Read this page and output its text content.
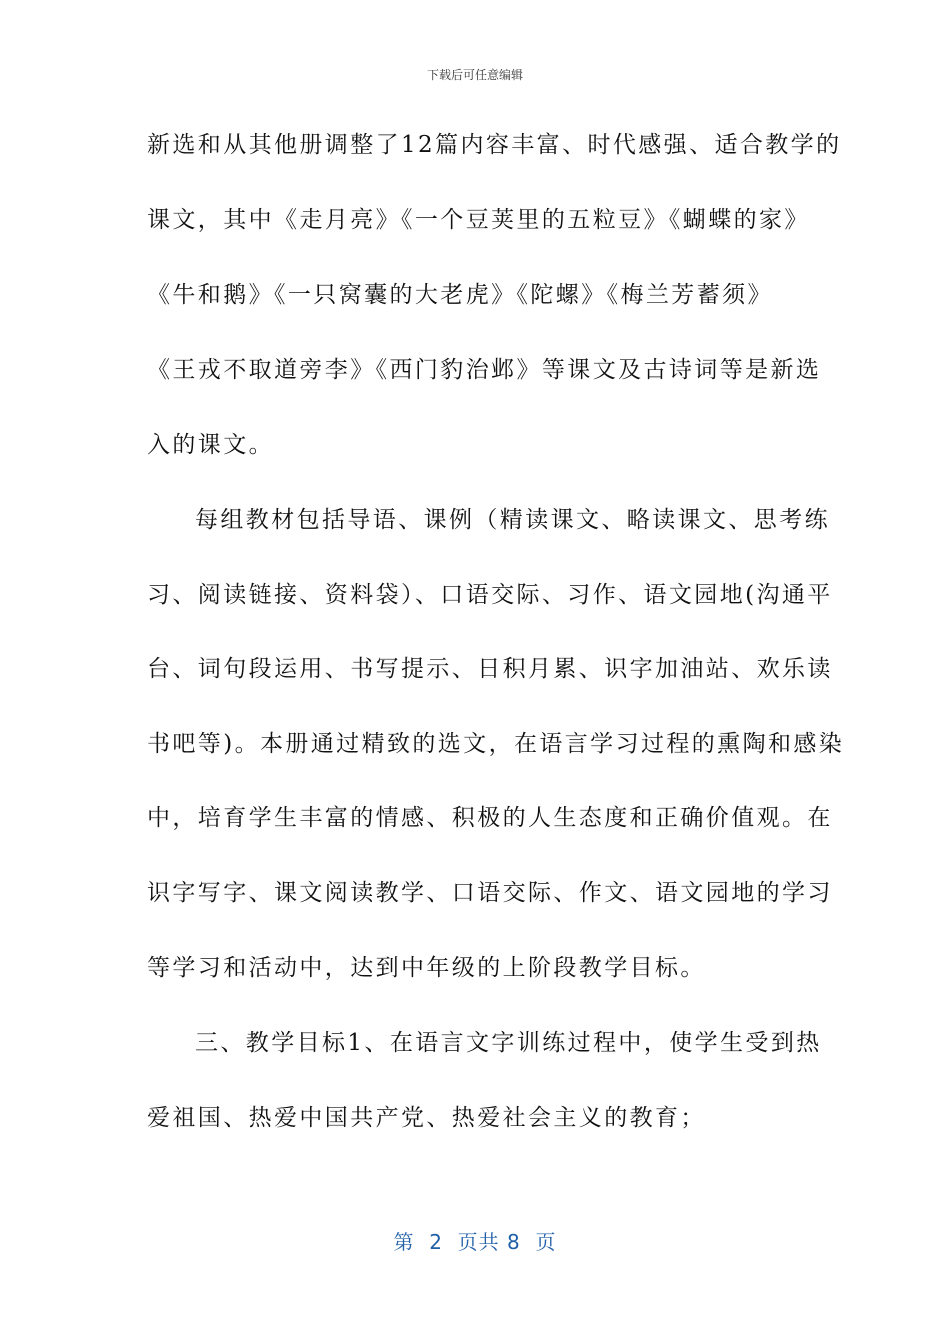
下载后可任意编辑
新选和从其他册调整了12篇内容丰富、时代感强、适合教学的
课文，其中《走月亮》《一个豆荚里的五粒豆》《蝴蝶的家》
《牛和鹅》《一只窝囊的大老虎》《陀螺》《梅兰芳蓄须》
《王戎不取道旁李》《西门豹治邺》等课文及古诗词等是新选
入的课文。
每组教材包括导语、课例（精读课文、略读课文、思考练
习、阅读链接、资料袋）、口语交际、习作、语文园地(沟通平
台、词句段运用、书写提示、日积月累、识字加油站、欢乐读
书吧等)。本册通过精致的选文，在语言学习过程的熏陶和感染
中，培育学生丰富的情感、积极的人生态度和正确价值观。在
识字写字、课文阅读教学、口语交际、作文、语文园地的学习
等学习和活动中，达到中年级的上阶段教学目标。
三、教学目标1、在语言文字训练过程中，使学生受到热
爱祖国、热爱中国共产党、热爱社会主义的教育；
第  2  页共 8  页
